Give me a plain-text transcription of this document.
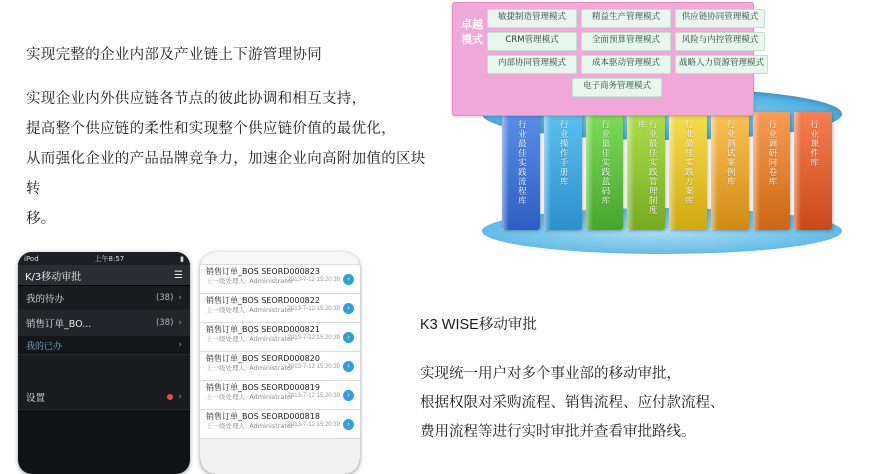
实现完整的企业内部及产业链上下游管理协同
实现企业内外供应链各节点的彼此协调和相互支持，
提高整个供应链的柔性和实现整个供应链价值的最优化，
从而强化企业的产品品牌竞争力，加速企业向高附加值的区块转
移。
行业最佳实践流程库	行业操作手册库	行业最佳实践蓝码库	行业最佳实践管理制度库	行业最佳实践方案库	行业测试案例库	行业调研问卷库	行业课件库
卓越模式
敏捷制造管理模式	精益生产管理模式	供应链协同管理模式
CRM管理模式	全面预算管理模式	风险与内控管理模式
内部协同管理模式	成本驱动管理模式	战略人力资源管理模式
电子商务管理模式
K3 WISE移动审批
实现统一用户对多个事业部的移动审批，
根据权限对采购流程、销售流程、应付款流程、
费用流程等进行实时审批并查看审批路线。
iPod	上午8:57	▮
K/3移动审批	☰
我的待办	(38) ›
销售订单_BO...	(38) ›
我的已办	›
设置	›
销售订单_BOS SEORD000823
上一级处理人: Administrator
2013-7-12 15:20:39	›
销售订单_BOS SEORD000822
上一级处理人: Administrator
2013-7-12 15:20:39	›
销售订单_BOS SEORD000821
上一级处理人: Administrator
2013-7-12 15:20:39	›
销售订单_BOS SEORD000820
上一级处理人: Administrator
2013-7-12 15:20:39	›
销售订单_BOS SEORD000819
上一级处理人: Administrator
2013-7-12 15:20:39	›
销售订单_BOS SEORD000818
上一级处理人: Administrator
2013-7-12 15:20:39	›
